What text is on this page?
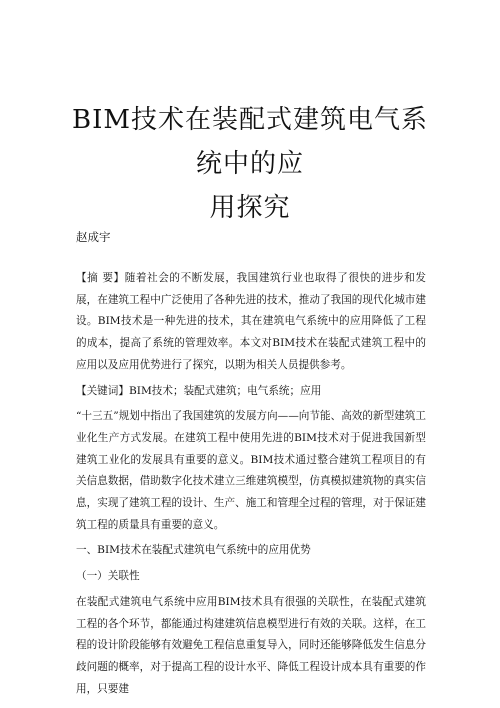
BIM技术在装配式建筑电气系统中的应
用探究

赵成宇

【摘 要】随着社会的不断发展，我国建筑行业也取得了很快的进步和发展，在建筑工程中广泛使用了各种先进的技术，推动了我国的现代化城市建设。BIM技术是一种先进的技术，其在建筑电气系统中的应用降低了工程的成本，提高了系统的管理效率。本文对BIM技术在装配式建筑工程中的应用以及应用优势进行了探究，以期为相关人员提供参考。

【关键词】BIM技术；装配式建筑；电气系统；应用

“十三五”规划中指出了我国建筑的发展方向——向节能、高效的新型建筑工业化生产方式发展。在建筑工程中使用先进的BIM技术对于促进我国新型建筑工业化的发展具有重要的意义。BIM技术通过整合建筑工程项目的有关信息数据，借助数字化技术建立三维建筑模型，仿真模拟建筑物的真实信息，实现了建筑工程的设计、生产、施工和管理全过程的管理，对于保证建筑工程的质量具有重要的意义。

一、BIM技术在装配式建筑电气系统中的应用优势

（一）关联性

在装配式建筑电气系统中应用BIM技术具有很强的关联性，在装配式建筑工程的各个环节，都能通过构建建筑信息模型进行有效的关联。这样，在工程的设计阶段能够有效避免工程信息重复导入，同时还能够降低发生信息分歧问题的概率，对于提高工程的设计水平、降低工程设计成本具有重要的作用，只要建
